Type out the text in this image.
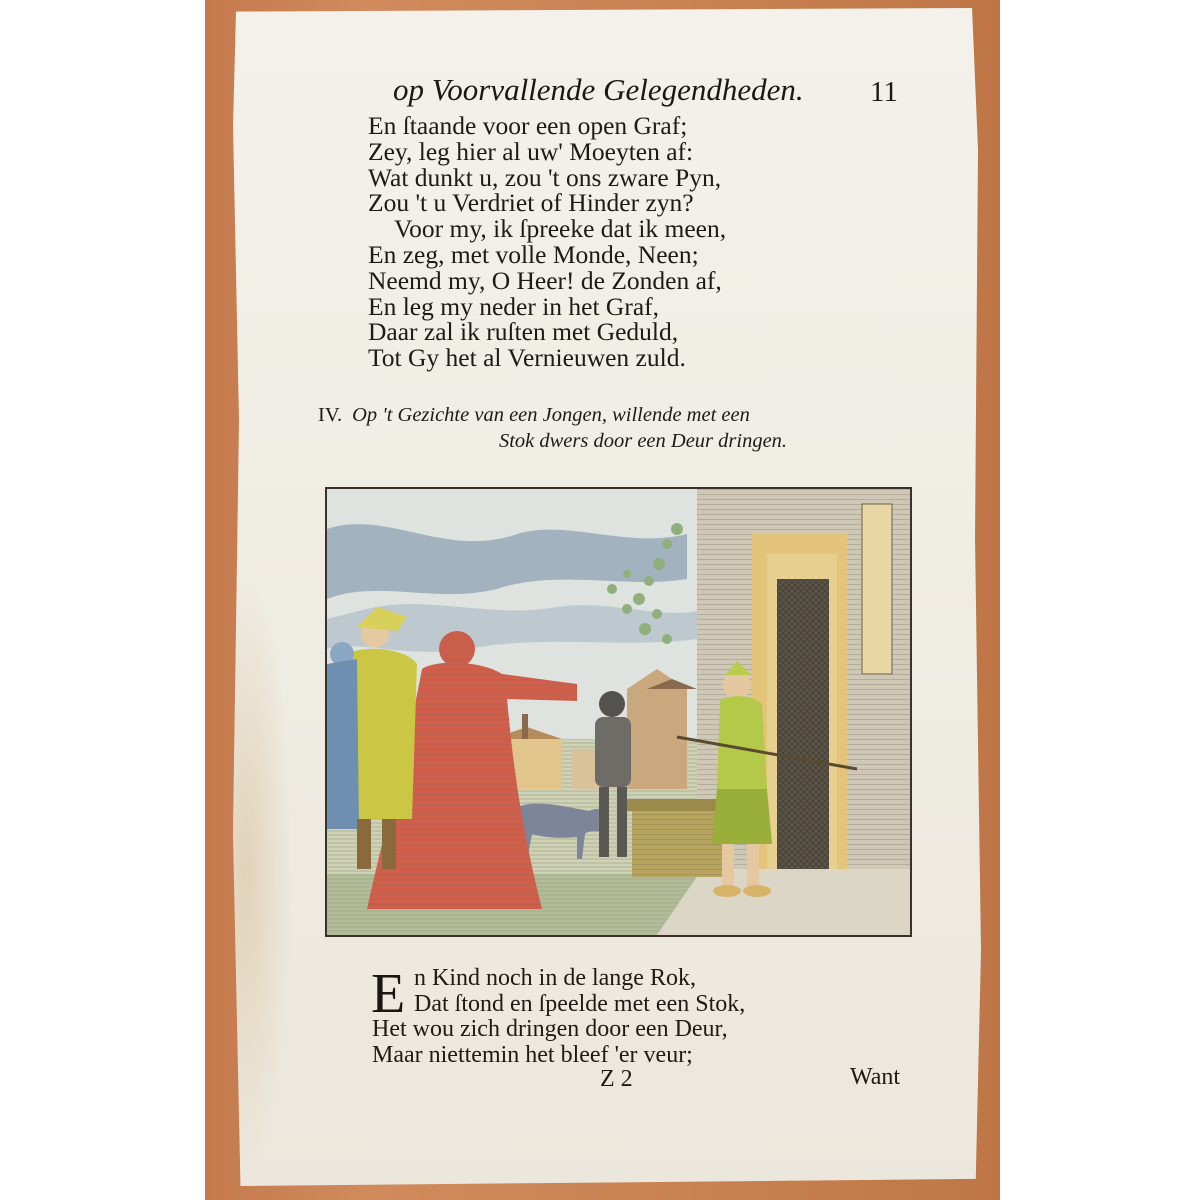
op Voorvallende Gelegendheden. 11
En ſtaande voor een open Graf;
Zey, leg hier al uw' Moeyten af:
Wat dunkt u, zou 't ons zware Pyn,
Zou 't u Verdriet of Hinder zyn?
Voor my, ik ſpreeke dat ik meen,
En zeg, met volle Monde, Neen;
Neemd my, O Heer! de Zonden af,
En leg my neder in het Graf,
Daar zal ik ruſten met Geduld,
Tot Gy het al Vernieuwen zuld.
IV. Op 't Gezichte van een Jongen, willende met een
Stok dwers door een Deur dringen.
E n Kind noch in de lange Rok,
Dat ſtond en ſpeelde met een Stok,
Het wou zich dringen door een Deur,
Maar niettemin het bleef 'er veur;
Z 2	Want
